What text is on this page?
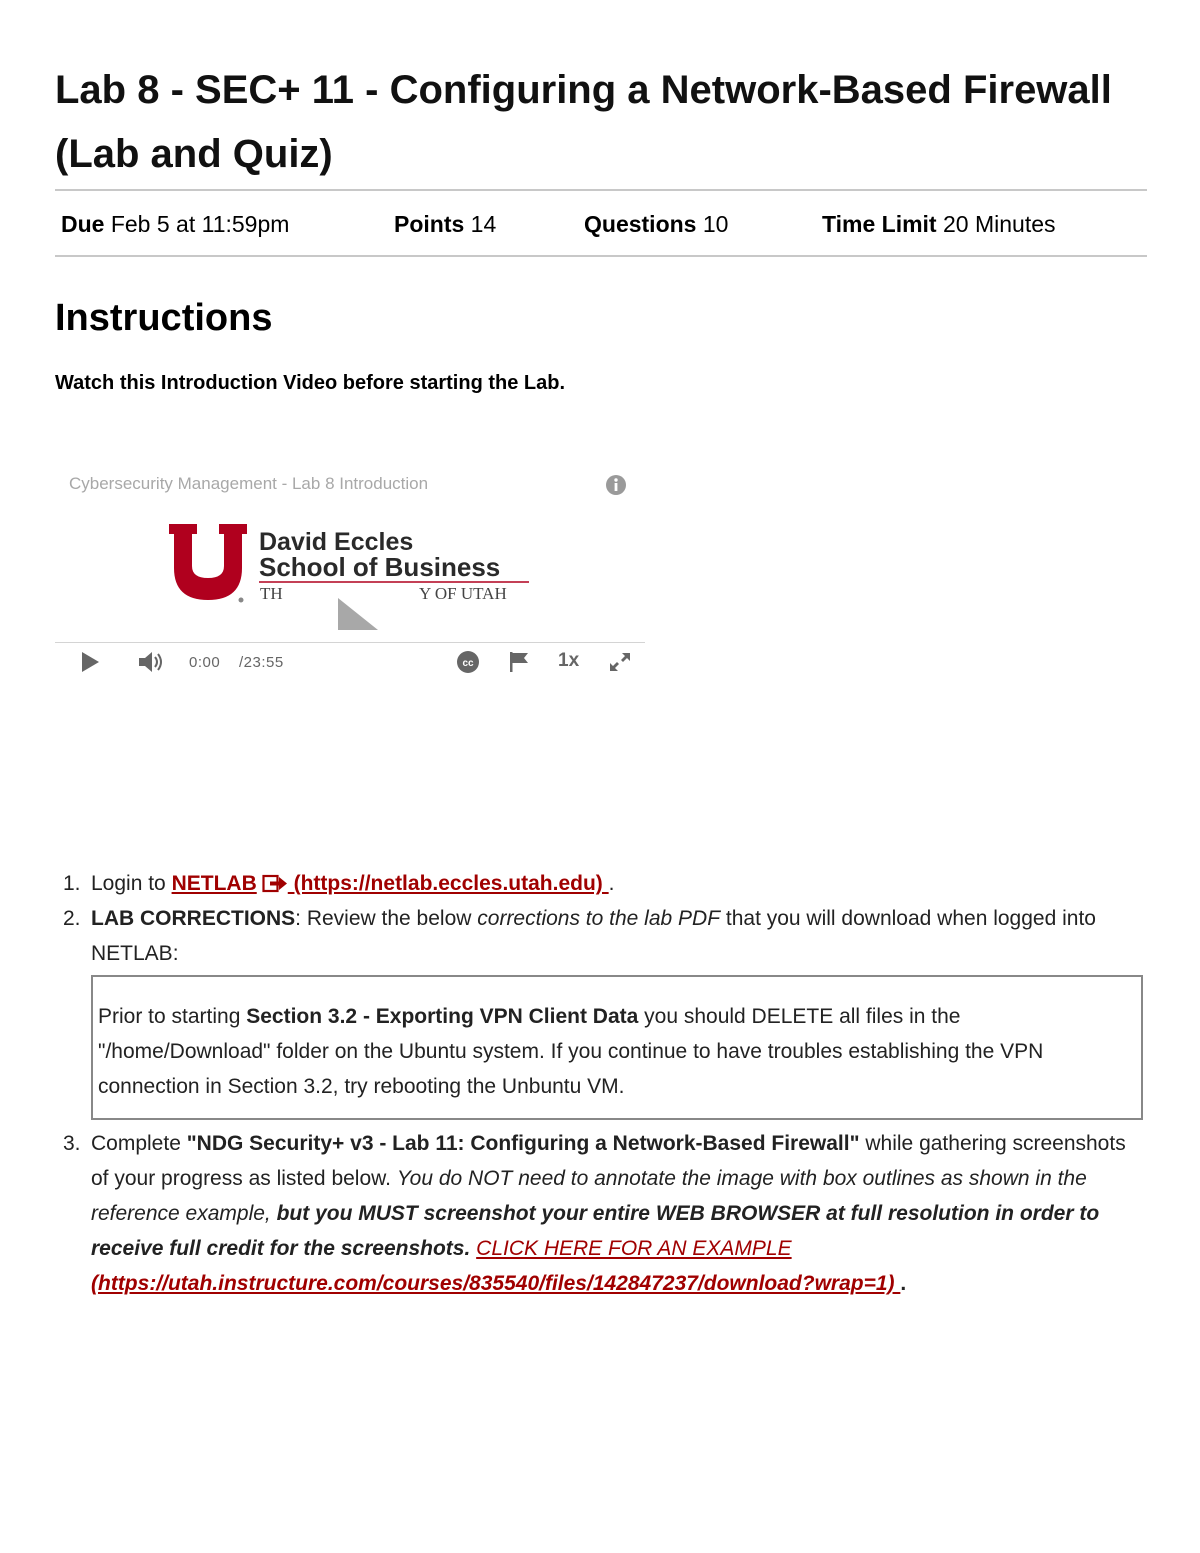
Lab 8 - SEC+ 11 - Configuring a Network-Based Firewall (Lab and Quiz)
Due Feb 5 at 11:59pm	Points 14	Questions 10	Time Limit 20 Minutes
Instructions
Watch this Introduction Video before starting the Lab.
Cybersecurity Management - Lab 8 Introduction
David Eccles
School of Business
TH	Y OF UTAH
0:00 /23:55	cc	1x
1. Login to NETLAB (https://netlab.eccles.utah.edu) .
2. LAB CORRECTIONS: Review the below corrections to the lab PDF that you will download when logged into NETLAB:
Prior to starting Section 3.2 - Exporting VPN Client Data you should DELETE all files in the "/home/Download" folder on the Ubuntu system. If you continue to have troubles establishing the VPN connection in Section 3.2, try rebooting the Unbuntu VM.
3. Complete "NDG Security+ v3 - Lab 11: Configuring a Network-Based Firewall" while gathering screenshots of your progress as listed below. You do NOT need to annotate the image with box outlines as shown in the reference example, but you MUST screenshot your entire WEB BROWSER at full resolution in order to receive full credit for the screenshots. CLICK HERE FOR AN EXAMPLE (https://utah.instructure.com/courses/835540/files/142847237/download?wrap=1) .
